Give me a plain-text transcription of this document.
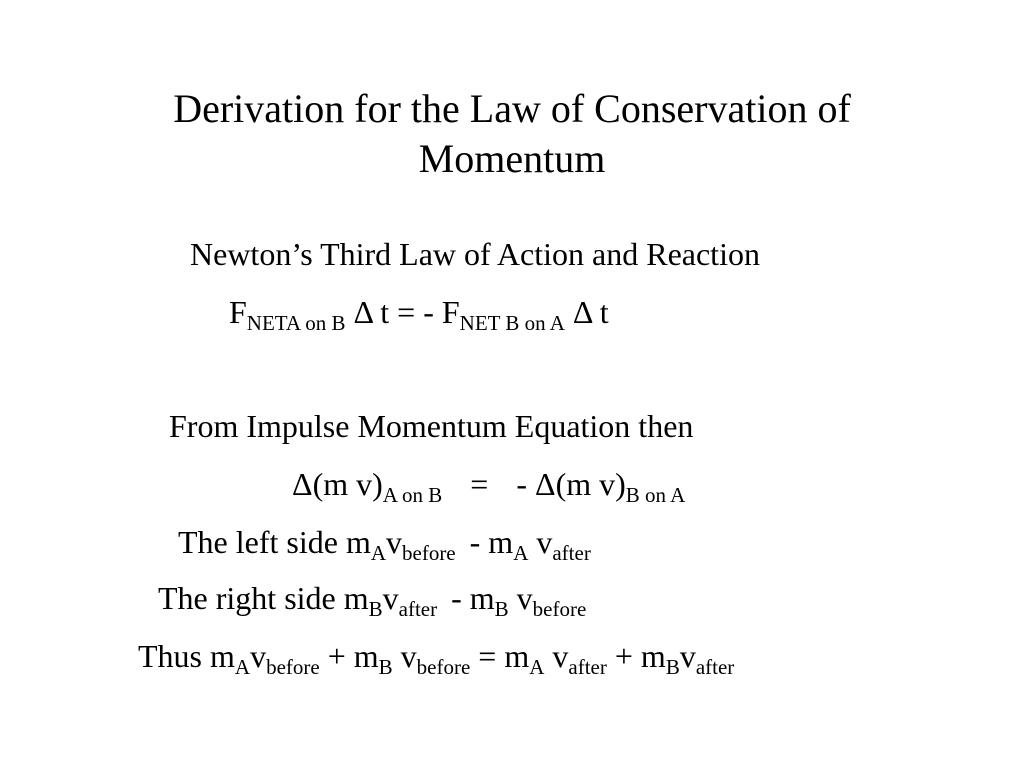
Derivation for the Law of Conservation of
Momentum
Newton’s Third Law of Action and Reaction
$F_{NETA on B}$ Δ t = - $F_{NET B on A}$ Δ t
From Impulse Momentum Equation then
Δ(m $v)_{A on B}$ = - Δ(m $v)_{B on A}$
The left side $m_Av_{before} - m_A$ $v_{after}$
The right side $m_Bv_{after} - m_B$ $v_{before}$
Thus $m_Av_{before} + m_B$ $v_{before} = m_A$ $v_{after} + m_Bv_{after}$
